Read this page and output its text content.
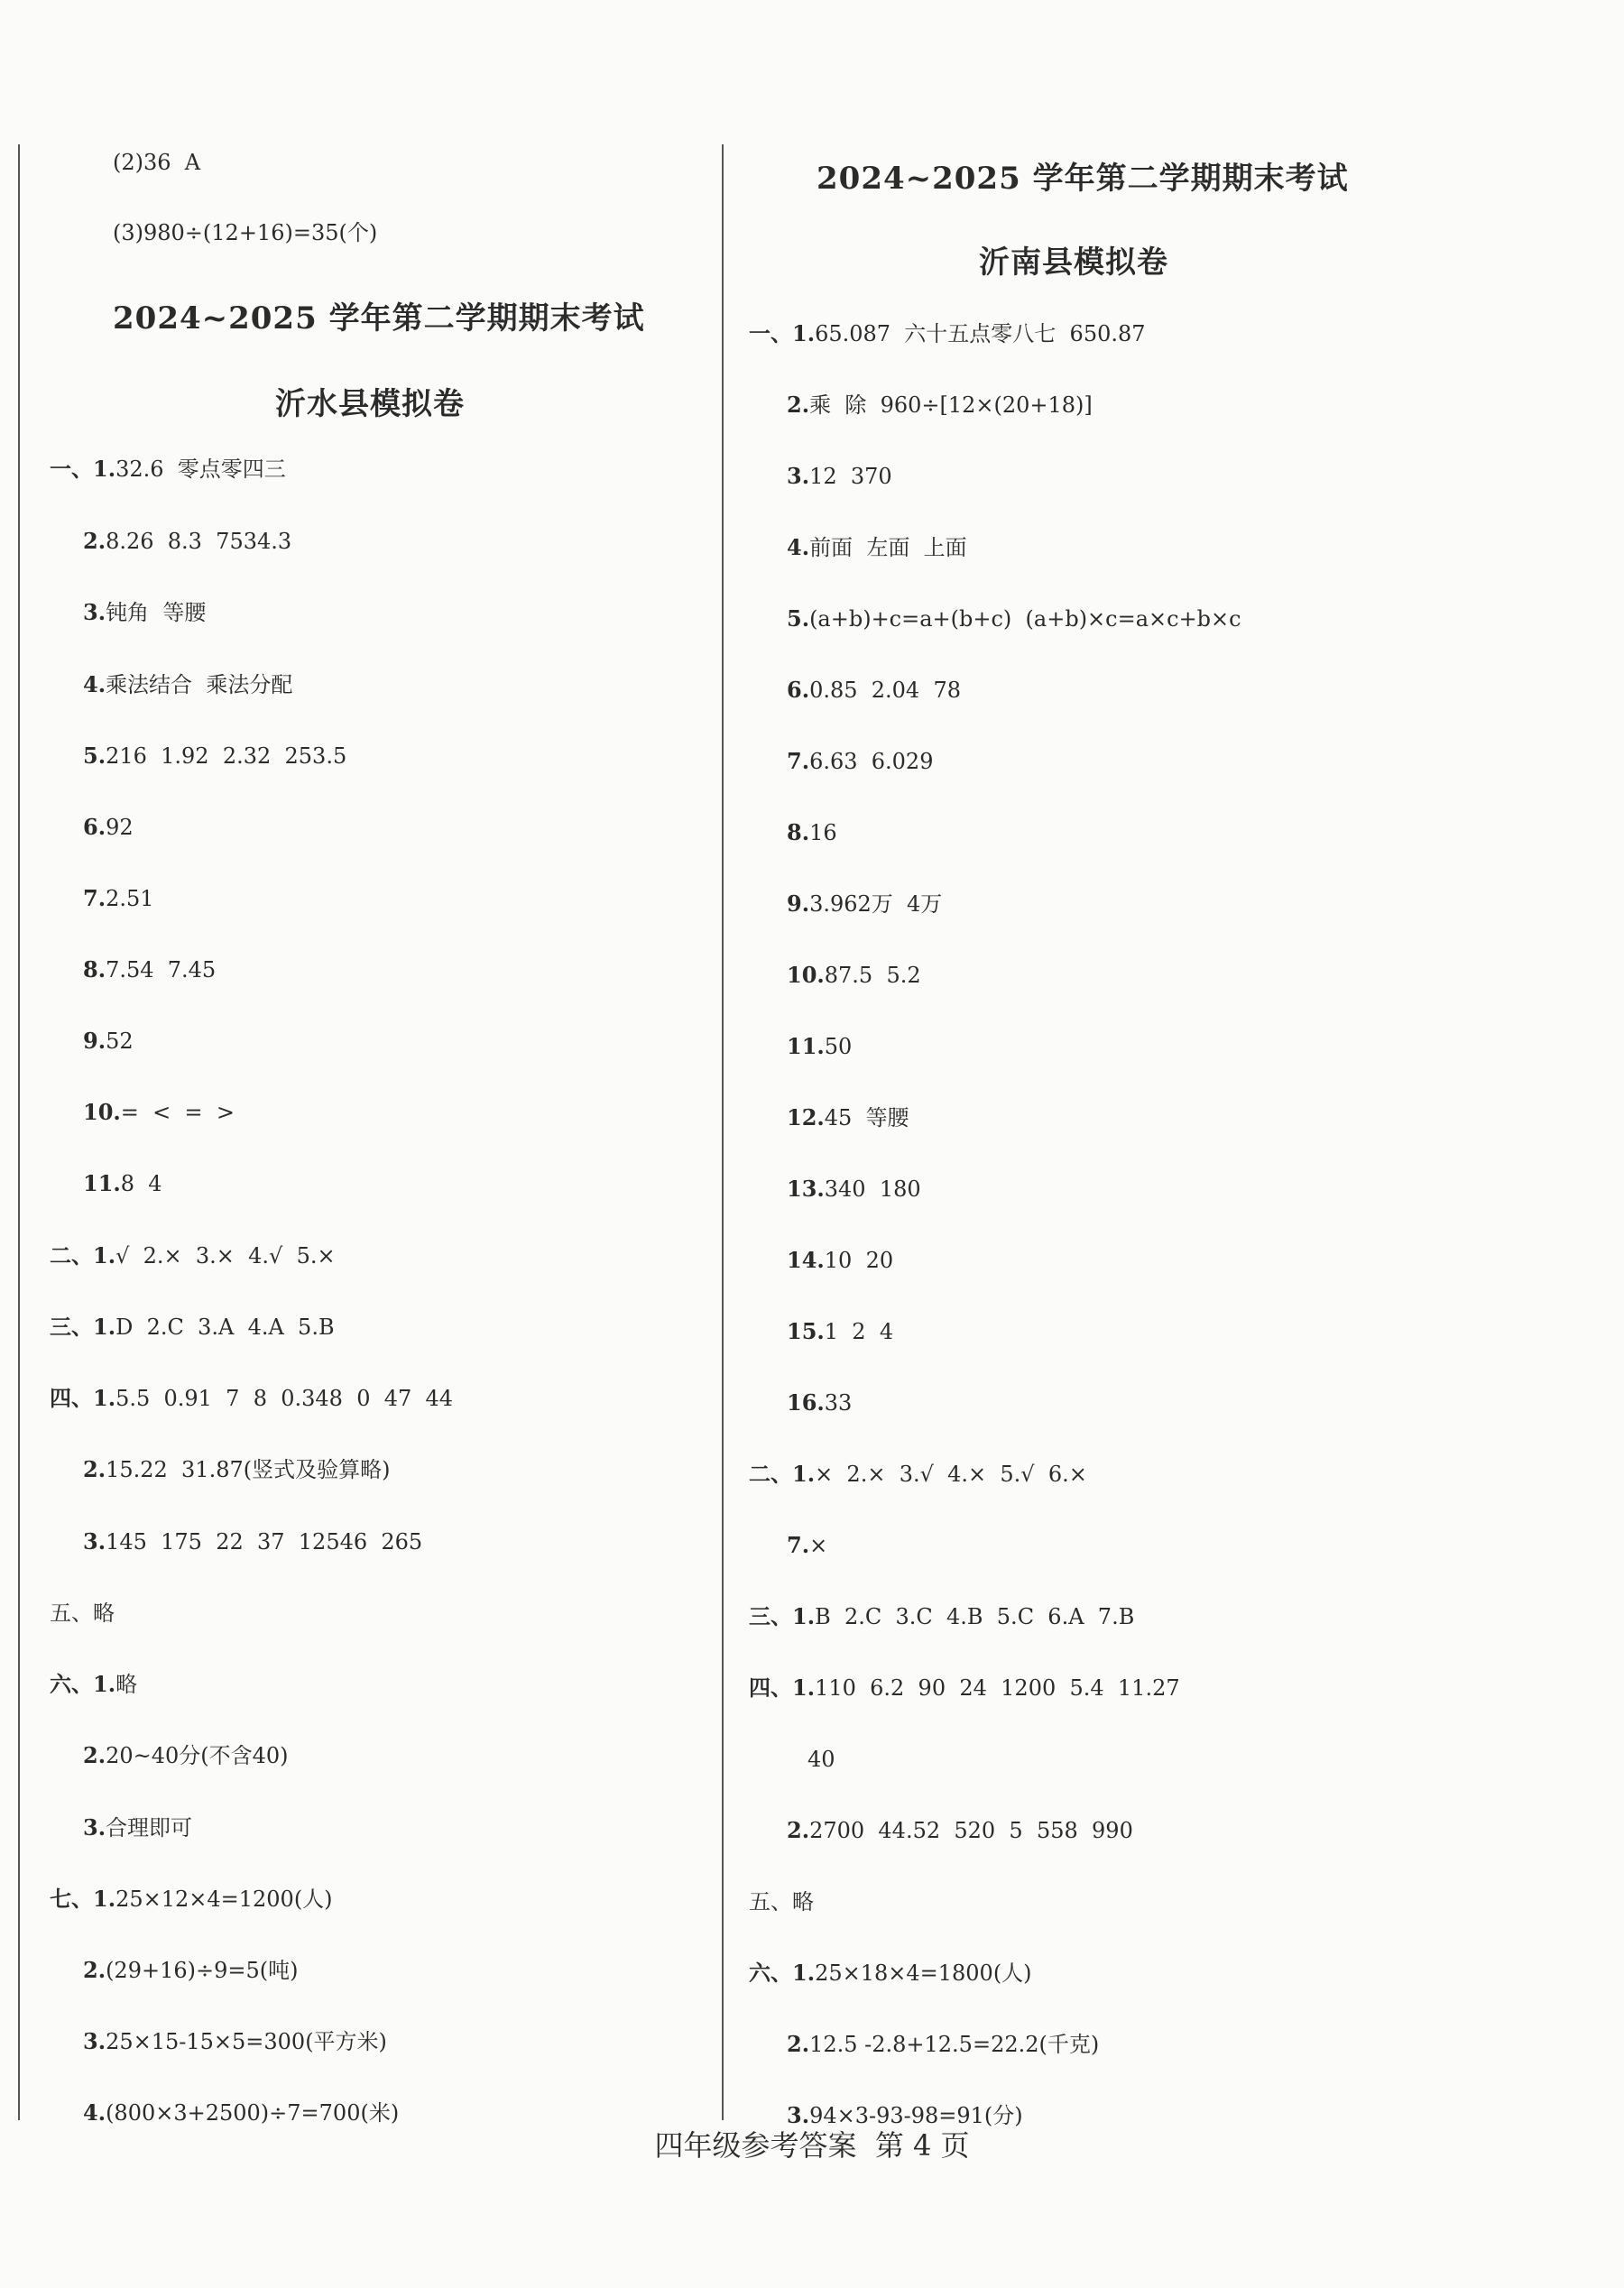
(2)36  A
(3)980÷(12+16)=35(个)
一、1.32.6  零点零四三
2.8.26  8.3  7534.3
3.钝角  等腰
4.乘法结合  乘法分配
5.216  1.92  2.32  253.5
6.92
7.2.51
8.7.54  7.45
9.52
10.=  <  =  >
11.8  4
二、1.√  2.×  3.×  4.√  5.×
三、1.D  2.C  3.A  4.A  5.B
四、1.5.5  0.91  7  8  0.348  0  47  44
2.15.22  31.87(竖式及验算略)
3.145  175  22  37  12546  265
五、略
六、1.略
2.20~40分(不含40)
3.合理即可
七、1.25×12×4=1200(人)
2.(29+16)÷9=5(吨)
3.25×15-15×5=300(平方米)
4.(800×3+2500)÷7=700(米)
一、1.65.087  六十五点零八七  650.87
2.乘  除  960÷[12×(20+18)]
3.12  370
4.前面  左面  上面
5.(a+b)+c=a+(b+c)  (a+b)×c=a×c+b×c
6.0.85  2.04  78
7.6.63  6.029
8.16
9.3.962万  4万
10.87.5  5.2
11.50
12.45  等腰
13.340  180
14.10  20
15.1  2  4
16.33
二、1.×  2.×  3.√  4.×  5.√  6.×
7.×
三、1.B  2.C  3.C  4.B  5.C  6.A  7.B
四、1.110  6.2  90  24  1200  5.4  11.27
40
2.2700  44.52  520  5  558  990
五、略
六、1.25×18×4=1800(人)
2.12.5 -2.8+12.5=22.2(千克)
3.94×3-93-98=91(分)
2024~2025 学年第二学期期末考试
沂水县模拟卷
2024~2025 学年第二学期期末考试
沂南县模拟卷
四年级参考答案  第 4 页
